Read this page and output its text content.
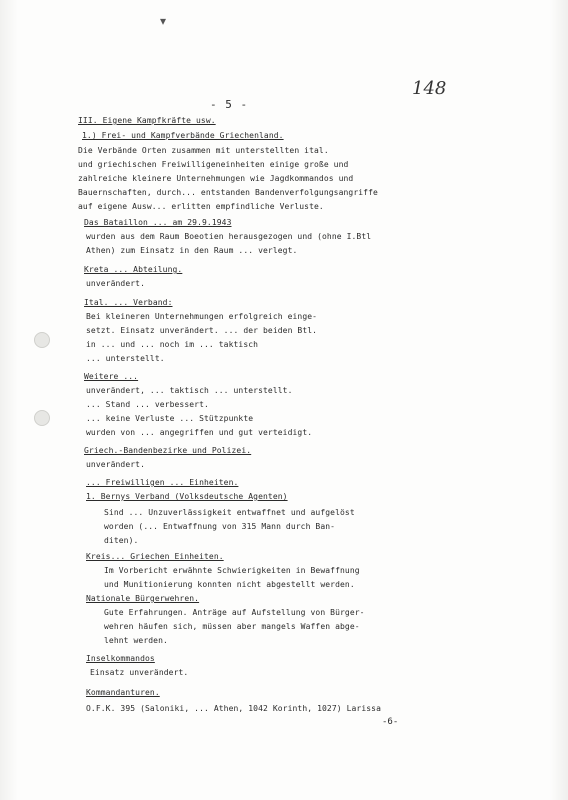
▾
148
- 5 -
III. Eigene Kampfkräfte usw.
1.) Frei- und Kampfverbände Griechenland.
Die Verbände Orten zusammen mit unterstellten ital.
und griechischen Freiwilligeneinheiten einige große und
zahlreiche kleinere Unternehmungen wie Jagdkommandos und
Bauernschaften, durch... entstanden Bandenverfolgungsangriffe
auf eigene Ausw... erlitten empfindliche Verluste.
Das Bataillon ... am 29.9.1943
wurden aus dem Raum Boeotien herausgezogen und (ohne I.Btl
Athen) zum Einsatz in den Raum ... verlegt.
Kreta ... Abteilung.
unverändert.
Ital. ... Verband:
Bei kleineren Unternehmungen erfolgreich einge-
setzt. Einsatz unverändert. ... der beiden Btl.
in ... und ... noch im ... taktisch
... unterstellt.
Weitere ...
unverändert, ... taktisch ... unterstellt.
... Stand ... verbessert.
... keine Verluste ... Stützpunkte
wurden von ... angegriffen und gut verteidigt.
Griech.-Bandenbezirke und Polizei.
unverändert.
... Freiwilligen ... Einheiten.
1. Bernys Verband (Volksdeutsche Agenten)
Sind ... Unzuverlässigkeit entwaffnet und aufgelöst
worden (... Entwaffnung von 315 Mann durch Ban-
diten).
Kreis... Griechen Einheiten.
Im Vorbericht erwähnte Schwierigkeiten in Bewaffnung
und Munitionierung konnten nicht abgestellt werden.
Nationale Bürgerwehren.
Gute Erfahrungen. Anträge auf Aufstellung von Bürger-
wehren häufen sich, müssen aber mangels Waffen abge-
lehnt werden.
Inselkommandos
Einsatz unverändert.
Kommandanturen.
O.F.K. 395 (Saloniki, ... Athen, 1042 Korinth, 1027) Larissa
-6-
